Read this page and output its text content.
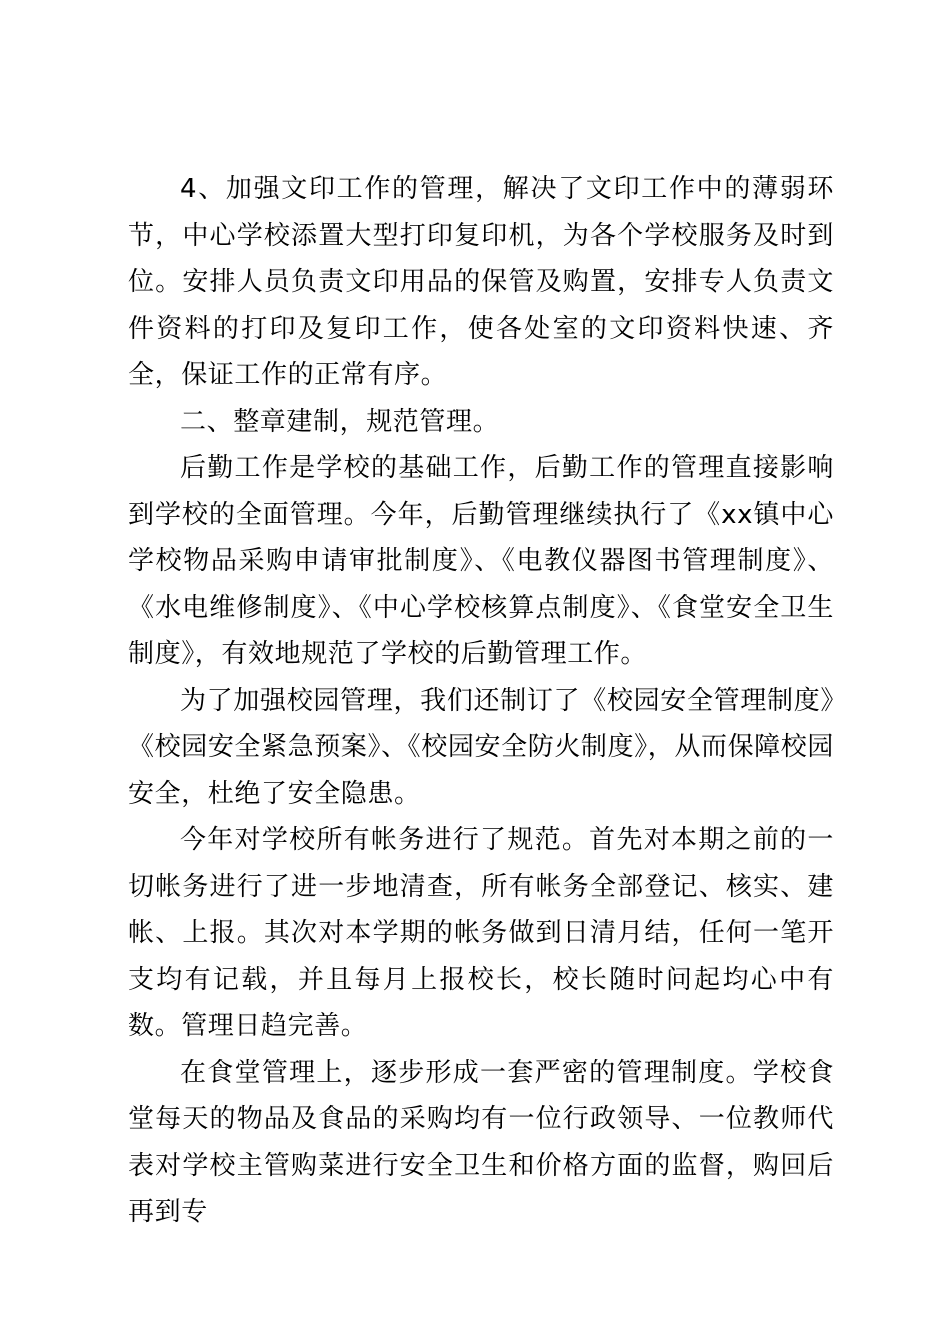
4、加强文印工作的管理，解决了文印工作中的薄弱环节，中心学校添置大型打印复印机，为各个学校服务及时到位。安排人员负责文印用品的保管及购置，安排专人负责文件资料的打印及复印工作，使各处室的文印资料快速、齐全，保证工作的正常有序。

二、整章建制，规范管理。

后勤工作是学校的基础工作，后勤工作的管理直接影响到学校的全面管理。今年，后勤管理继续执行了《xx镇中心学校物品采购申请审批制度》、《电教仪器图书管理制度》、《水电维修制度》、《中心学校核算点制度》、《食堂安全卫生制度》，有效地规范了学校的后勤管理工作。

为了加强校园管理，我们还制订了《校园安全管理制度》《校园安全紧急预案》、《校园安全防火制度》，从而保障校园安全，杜绝了安全隐患。

今年对学校所有帐务进行了规范。首先对本期之前的一切帐务进行了进一步地清查，所有帐务全部登记、核实、建帐、上报。其次对本学期的帐务做到日清月结，任何一笔开支均有记载，并且每月上报校长，校长随时问起均心中有数。管理日趋完善。

在食堂管理上，逐步形成一套严密的管理制度。学校食堂每天的物品及食品的采购均有一位行政领导、一位教师代表对学校主管购菜进行安全卫生和价格方面的监督，购回后再到专
